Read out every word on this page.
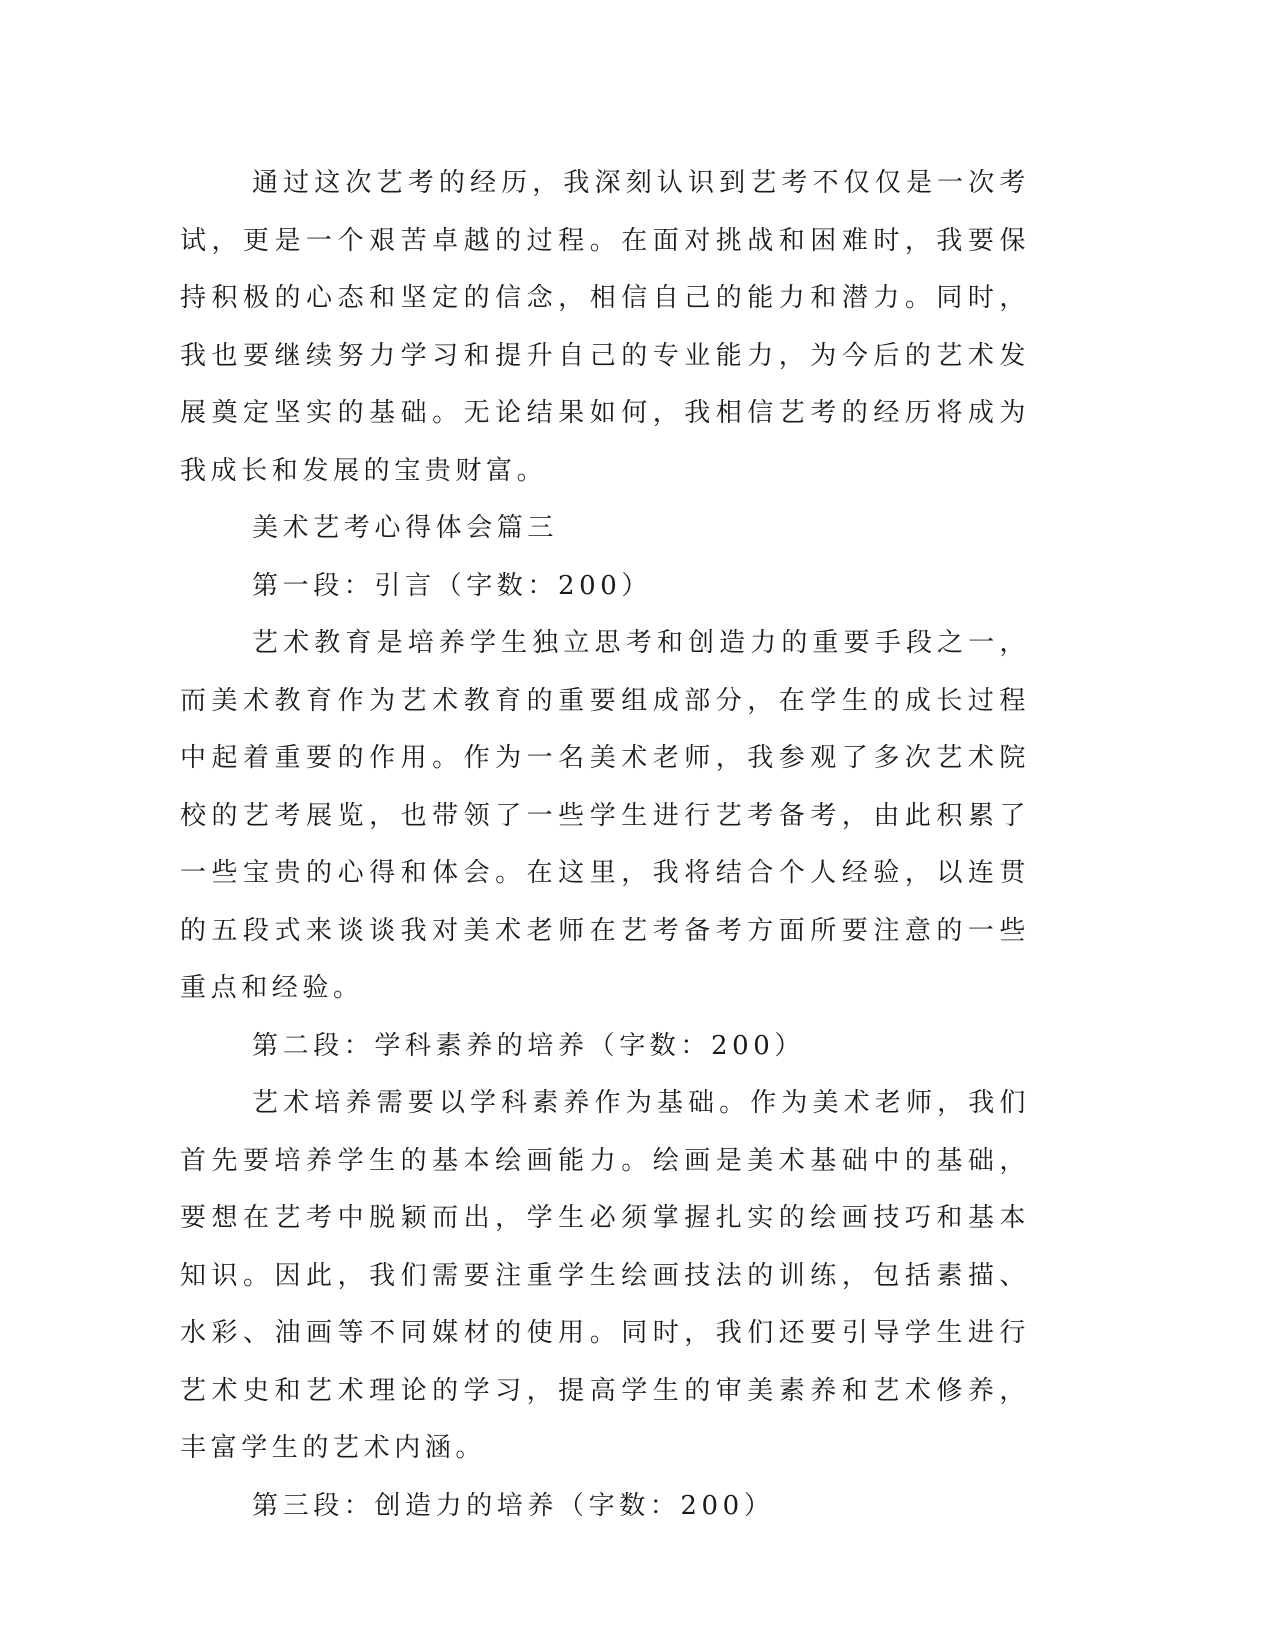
通过这次艺考的经历，我深刻认识到艺考不仅仅是一次考试，更是一个艰苦卓越的过程。在面对挑战和困难时，我要保持积极的心态和坚定的信念，相信自己的能力和潜力。同时，我也要继续努力学习和提升自己的专业能力，为今后的艺术发展奠定坚实的基础。无论结果如何，我相信艺考的经历将成为我成长和发展的宝贵财富。

美术艺考心得体会篇三

第一段：引言（字数：200）

艺术教育是培养学生独立思考和创造力的重要手段之一，而美术教育作为艺术教育的重要组成部分，在学生的成长过程中起着重要的作用。作为一名美术老师，我参观了多次艺术院校的艺考展览，也带领了一些学生进行艺考备考，由此积累了一些宝贵的心得和体会。在这里，我将结合个人经验，以连贯的五段式来谈谈我对美术老师在艺考备考方面所要注意的一些重点和经验。

第二段：学科素养的培养（字数：200）

艺术培养需要以学科素养作为基础。作为美术老师，我们首先要培养学生的基本绘画能力。绘画是美术基础中的基础，要想在艺考中脱颖而出，学生必须掌握扎实的绘画技巧和基本知识。因此，我们需要注重学生绘画技法的训练，包括素描、水彩、油画等不同媒材的使用。同时，我们还要引导学生进行艺术史和艺术理论的学习，提高学生的审美素养和艺术修养，丰富学生的艺术内涵。

第三段：创造力的培养（字数：200）
